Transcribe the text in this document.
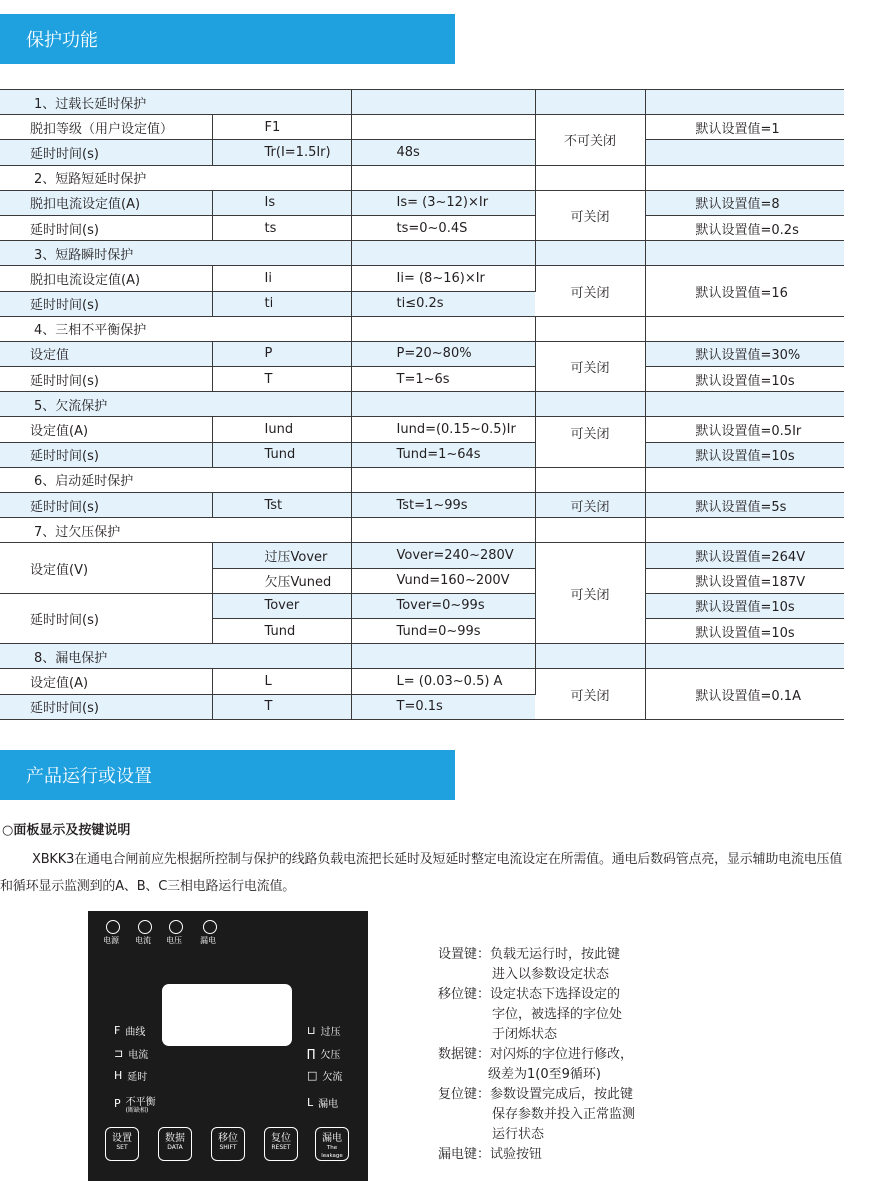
保护功能
1、过载长延时保护				
脱扣等级（用户设定值）	F1		不可关闭	默认设置值=1
延时时间(s)	Tr(I=1.5Ir)	48s		
2、短路短延时保护				
脱扣电流设定值(A)	Is	Is= (3~12)×Ir	可关闭	默认设置值=8
延时时间(s)	ts	ts=0~0.4S		默认设置值=0.2s
3、短路瞬时保护				
脱扣电流设定值(A)	Ii	Ii= (8~16)×Ir	可关闭	默认设置值=16
延时时间(s)	ti	ti≤0.2s		
4、三相不平衡保护				
设定值	P	P=20~80%	可关闭	默认设置值=30%
延时时间(s)	T	T=1~6s		默认设置值=10s
5、欠流保护				
设定值(A)	Iund	Iund=(0.15~0.5)Ir	可关闭	默认设置值=0.5Ir
延时时间(s)	Tund	Tund=1~64s		默认设置值=10s
6、启动延时保护				
延时时间(s)	Tst	Tst=1~99s	可关闭	默认设置值=5s
7、过欠压保护				
设定值(V)	过压Vover	Vover=240~280V	可关闭	默认设置值=264V
	欠压Vuned	Vund=160~200V		默认设置值=187V
延时时间(s)	Tover	Tover=0~99s		默认设置值=10s
	Tund	Tund=0~99s		默认设置值=10s
8、漏电保护				
设定值(A)	L	L= (0.03~0.5) A	可关闭	默认设置值=0.1A
延时时间(s)	T	T=0.1s		
产品运行或设置
○面板显示及按键说明
XBKK3在通电合闸前应先根据所控制与保护的线路负载电流把长延时及短延时整定电流设定在所需值。通电后数码管点亮，显示辅助电流电压值和循环显示监测到的A、B、C三相电路运行电流值。
电源	电流	电压	漏电
F 曲线
⊐ 电流
H 延时
P 不平衡
(断缺相)
⊔ 过压
∏ 欠压
□ 欠流
L 漏电
设置
SET
数据
DATA
移位
SHIFT
复位
RESET
漏电
The leakage
设置键：负载无运行时，按此键
进入以参数设定状态
移位键：设定状态下选择设定的
字位，被选择的字位处
于闭烁状态
数据键：对闪烁的字位进行修改，
级差为1(0至9循环)
复位键：参数设置完成后，按此键
保存参数并投入正常监测
运行状态
漏电键：试验按钮
